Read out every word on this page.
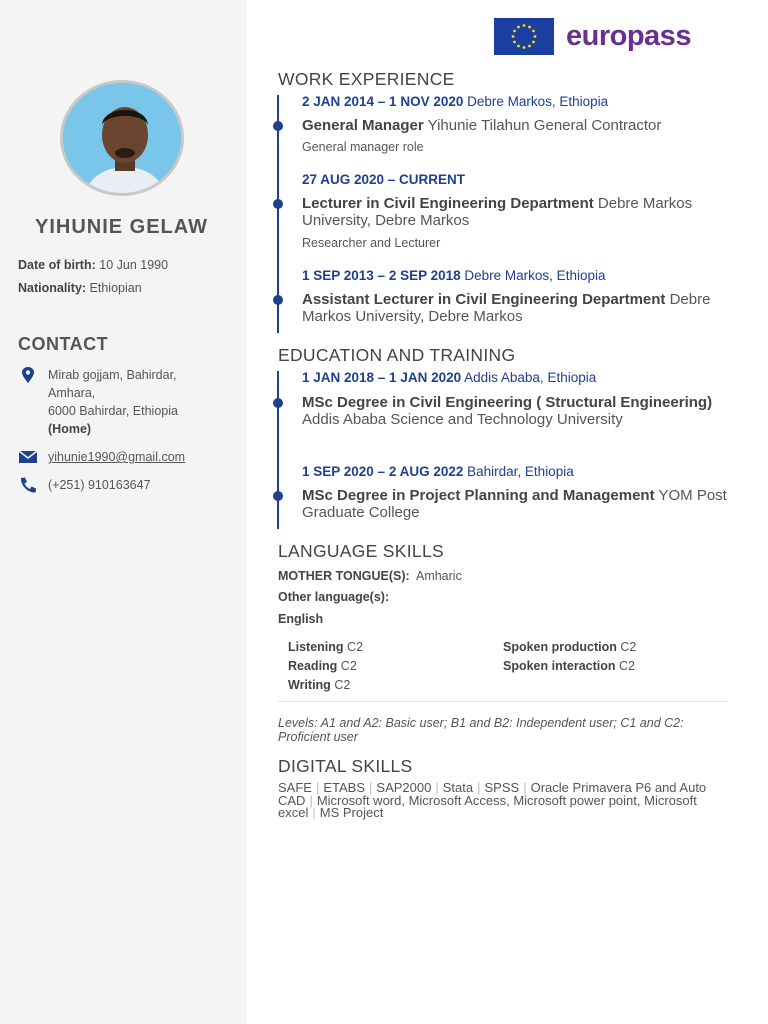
YIHUNIE GELAW
Date of birth: 10 Jun 1990
Nationality: Ethiopian
CONTACT
Mirab gojjam, Bahirdar,
Amhara,
6000 Bahirdar, Ethiopia
(Home)
yihunie1990@gmail.com
(+251) 910163647
europass
WORK EXPERIENCE
2 JAN 2014 – 1 NOV 2020 Debre Markos, Ethiopia
General Manager Yihunie Tilahun General Contractor
General manager role
27 AUG 2020 – CURRENT
Lecturer in Civil Engineering Department Debre Markos University, Debre Markos
Researcher and Lecturer
1 SEP 2013 – 2 SEP 2018 Debre Markos, Ethiopia
Assistant Lecturer in Civil Engineering Department Debre Markos University, Debre Markos
EDUCATION AND TRAINING
1 JAN 2018 – 1 JAN 2020 Addis Ababa, Ethiopia
MSc Degree in Civil Engineering ( Structural Engineering) Addis Ababa Science and Technology University
1 SEP 2020 – 2 AUG 2022 Bahirdar, Ethiopia
MSc Degree in Project Planning and Management YOM Post Graduate College
LANGUAGE SKILLS
MOTHER TONGUE(S): Amharic
Other language(s):
English
Listening C2
Reading C2
Writing C2
Spoken production C2
Spoken interaction C2
Levels: A1 and A2: Basic user; B1 and B2: Independent user; C1 and C2: Proficient user
DIGITAL SKILLS
SAFE | ETABS | SAP2000 | Stata | SPSS | Oracle Primavera P6 and Auto CAD | Microsoft word, Microsoft Access, Microsoft power point, Microsoft excel | MS Project
